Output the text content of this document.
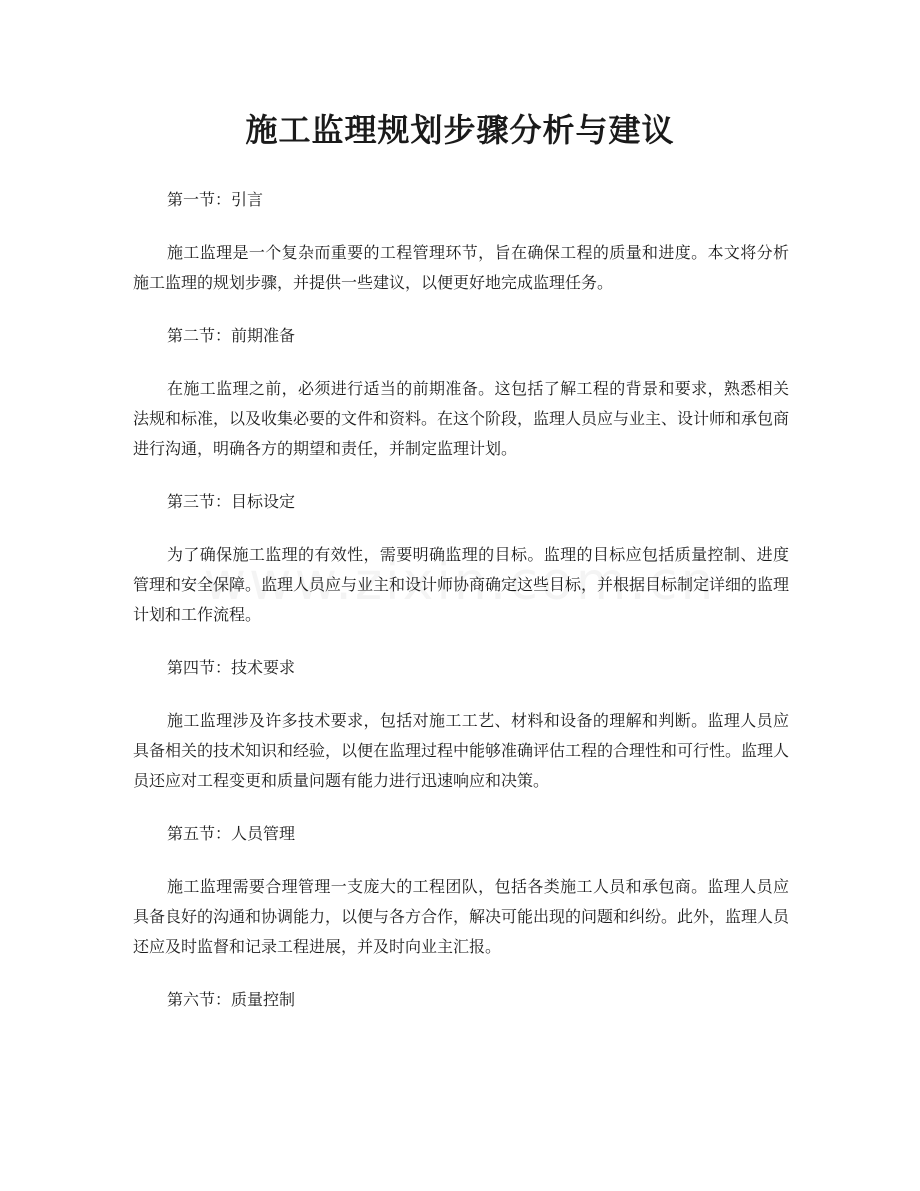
施工监理规划步骤分析与建议

第一节：引言

施工监理是一个复杂而重要的工程管理环节，旨在确保工程的质量和进度。本文将分析施工监理的规划步骤，并提供一些建议，以便更好地完成监理任务。

第二节：前期准备

在施工监理之前，必须进行适当的前期准备。这包括了解工程的背景和要求，熟悉相关法规和标准，以及收集必要的文件和资料。在这个阶段，监理人员应与业主、设计师和承包商进行沟通，明确各方的期望和责任，并制定监理计划。

第三节：目标设定

为了确保施工监理的有效性，需要明确监理的目标。监理的目标应包括质量控制、进度管理和安全保障。监理人员应与业主和设计师协商确定这些目标，并根据目标制定详细的监理计划和工作流程。

第四节：技术要求

施工监理涉及许多技术要求，包括对施工工艺、材料和设备的理解和判断。监理人员应具备相关的技术知识和经验，以便在监理过程中能够准确评估工程的合理性和可行性。监理人员还应对工程变更和质量问题有能力进行迅速响应和决策。

第五节：人员管理

施工监理需要合理管理一支庞大的工程团队，包括各类施工人员和承包商。监理人员应具备良好的沟通和协调能力，以便与各方合作，解决可能出现的问题和纠纷。此外，监理人员还应及时监督和记录工程进展，并及时向业主汇报。

第六节：质量控制
